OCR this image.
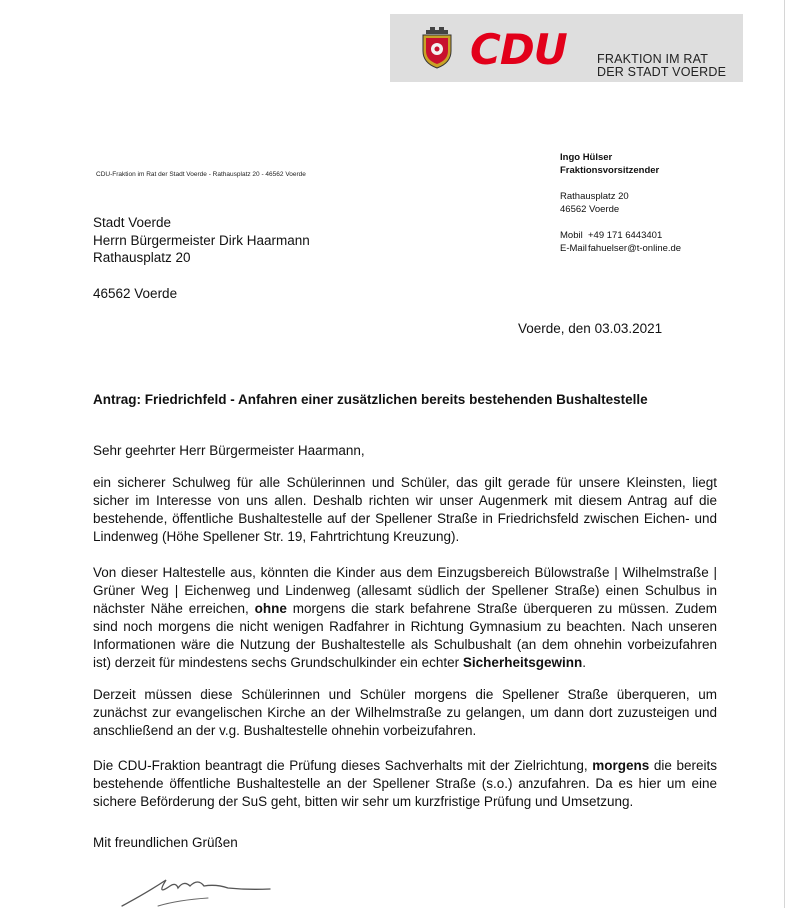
CDU FRAKTION IM RAT
DER STADT VOERDE
CDU-Fraktion im Rat der Stadt Voerde - Rathausplatz 20 - 46562 Voerde
Ingo Hülser
Fraktionsvorsitzender
Rathausplatz 20
46562 Voerde
Mobil +49 171 6443401
E-Mail fahuelser@t-online.de
Stadt Voerde
Herrn Bürgermeister Dirk Haarmann
Rathausplatz 20
46562 Voerde
Voerde, den 03.03.2021
Antrag: Friedrichfeld - Anfahren einer zusätzlichen bereits bestehenden Bushaltestelle
Sehr geehrter Herr Bürgermeister Haarmann,

ein sicherer Schulweg für alle Schülerinnen und Schüler, das gilt gerade für unsere Kleinsten, liegt sicher im Interesse von uns allen. Deshalb richten wir unser Augenmerk mit diesem Antrag auf die bestehende, öffentliche Bushaltestelle auf der Spellener Straße in Friedrichsfeld zwischen Eichen- und Lindenweg (Höhe Spellener Str. 19, Fahrtrichtung Kreuzung).

Von dieser Haltestelle aus, könnten die Kinder aus dem Einzugsbereich Bülowstraße | Wilhelmstraße | Grüner Weg | Eichenweg und Lindenweg (allesamt südlich der Spellener Straße) einen Schulbus in nächster Nähe erreichen, ohne morgens die stark befahrene Straße überqueren zu müssen. Zudem sind noch morgens die nicht wenigen Radfahrer in Richtung Gymnasium zu beachten. Nach unseren Informationen wäre die Nutzung der Bushaltestelle als Schulbushalt (an dem ohnehin vorbeizufahren ist) derzeit für mindestens sechs Grundschulkinder ein echter Sicherheitsgewinn.

Derzeit müssen diese Schülerinnen und Schüler morgens die Spellener Straße überqueren, um zunächst zur evangelischen Kirche an der Wilhelmstraße zu gelangen, um dann dort zuzusteigen und anschließend an der v.g. Bushaltestelle ohnehin vorbeizufahren.

Die CDU-Fraktion beantragt die Prüfung dieses Sachverhalts mit der Zielrichtung, morgens die bereits bestehende öffentliche Bushaltestelle an der Spellener Straße (s.o.) anzufahren. Da es hier um eine sichere Beförderung der SuS geht, bitten wir sehr um kurzfristige Prüfung und Umsetzung.

Mit freundlichen Grüßen
